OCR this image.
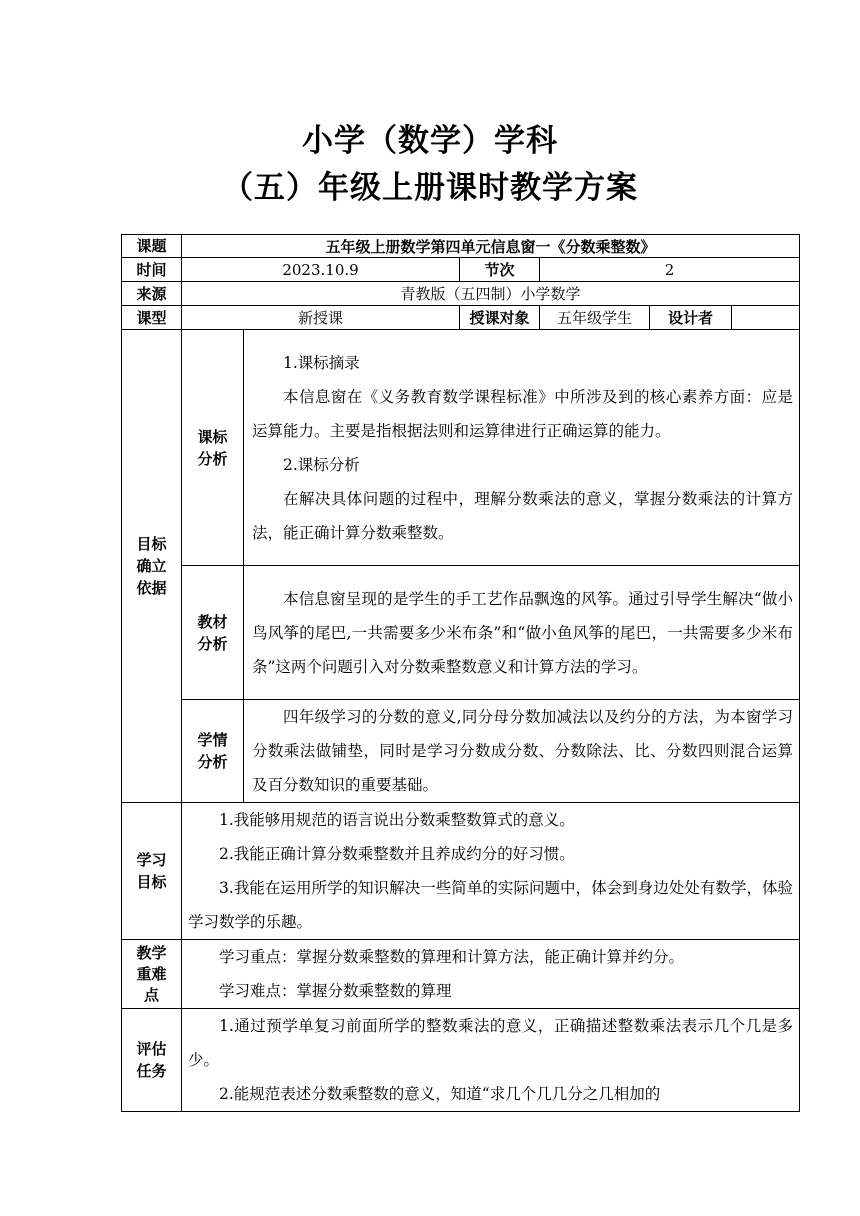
小学（数学）学科
（五）年级上册课时教学方案
课题	五年级上册数学第四单元信息窗一《分数乘整数》					
时间	2023.10.9		节次	2		
来源	青教版（五四制）小学数学					
课型	新授课		授课对象	五年级学生	设计者	

目标确立依据	课标分析	1.课标摘录

本信息窗在《义务教育数学课程标准》中所涉及到的核心素养方面：应是运算能力。主要是指根据法则和运算律进行正确运算的能力。

2.课标分析

在解决具体问题的过程中，理解分数乘法的意义，掌握分数乘法的计算方法，能正确计算分数乘整数。				

	教材分析	本信息窗呈现的是学生的手工艺作品飘逸的风筝。通过引导学生解决“做小鸟风筝的尾巴,一共需要多少米布条”和“做小鱼风筝的尾巴，一共需要多少米布条”这两个问题引入对分数乘整数意义和计算方法的学习。				

	学情分析	四年级学习的分数的意义,同分母分数加减法以及约分的方法，为本窗学习分数乘法做铺垫，同时是学习分数成分数、分数除法、比、分数四则混合运算及百分数知识的重要基础。				

学习目标	1.我能够用规范的语言说出分数乘整数算式的意义。

2.我能正确计算分数乘整数并且养成约分的好习惯。

3.我能在运用所学的知识解决一些简单的实际问题中，体会到身边处处有数学，体验学习数学的乐趣。					

教学重难点	学习重点：掌握分数乘整数的算理和计算方法，能正确计算并约分。

学习难点：掌握分数乘整数的算理					

评估任务	1.通过预学单复习前面所学的整数乘法的意义，正确描述整数乘法表示几个几是多少。

2.能规范表述分数乘整数的意义，知道“求几个几几分之几相加的					
